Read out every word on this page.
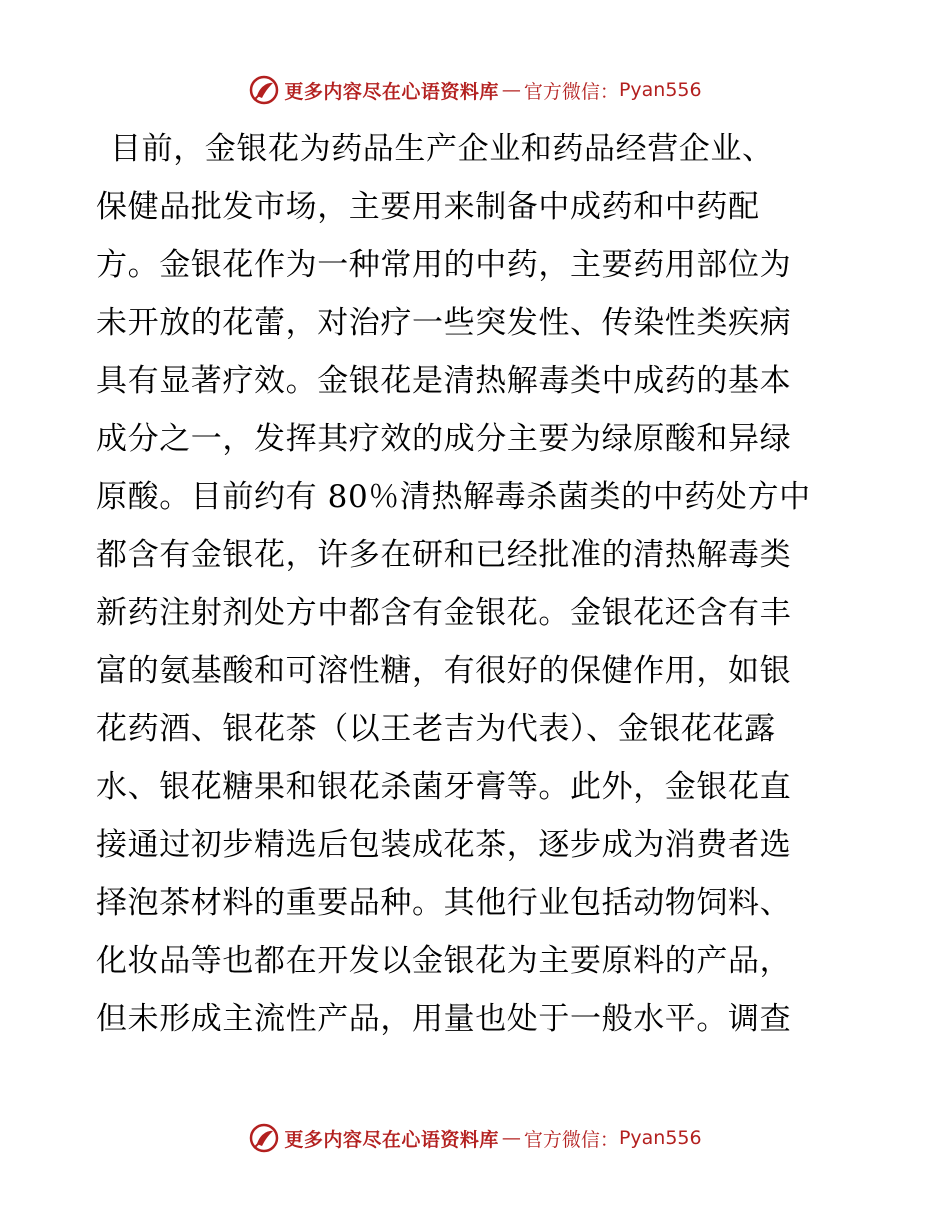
更多内容尽在心语资料库 — 官方微信： Pyan556
目前，金银花为药品生产企业和药品经营企业、
保健品批发市场，主要用来制备中成药和中药配
方。金银花作为一种常用的中药，主要药用部位为
未开放的花蕾，对治疗一些突发性、传染性类疾病
具有显著疗效。金银花是清热解毒类中成药的基本
成分之一，发挥其疗效的成分主要为绿原酸和异绿
原酸。目前约有 80％清热解毒杀菌类的中药处方中
都含有金银花，许多在研和已经批准的清热解毒类
新药注射剂处方中都含有金银花。金银花还含有丰
富的氨基酸和可溶性糖，有很好的保健作用，如银
花药酒、银花茶（以王老吉为代表）、金银花花露
水、银花糖果和银花杀菌牙膏等。此外，金银花直
接通过初步精选后包装成花茶，逐步成为消费者选
择泡茶材料的重要品种。其他行业包括动物饲料、
化妆品等也都在开发以金银花为主要原料的产品，
但未形成主流性产品，用量也处于一般水平。调查
更多内容尽在心语资料库 — 官方微信： Pyan556
